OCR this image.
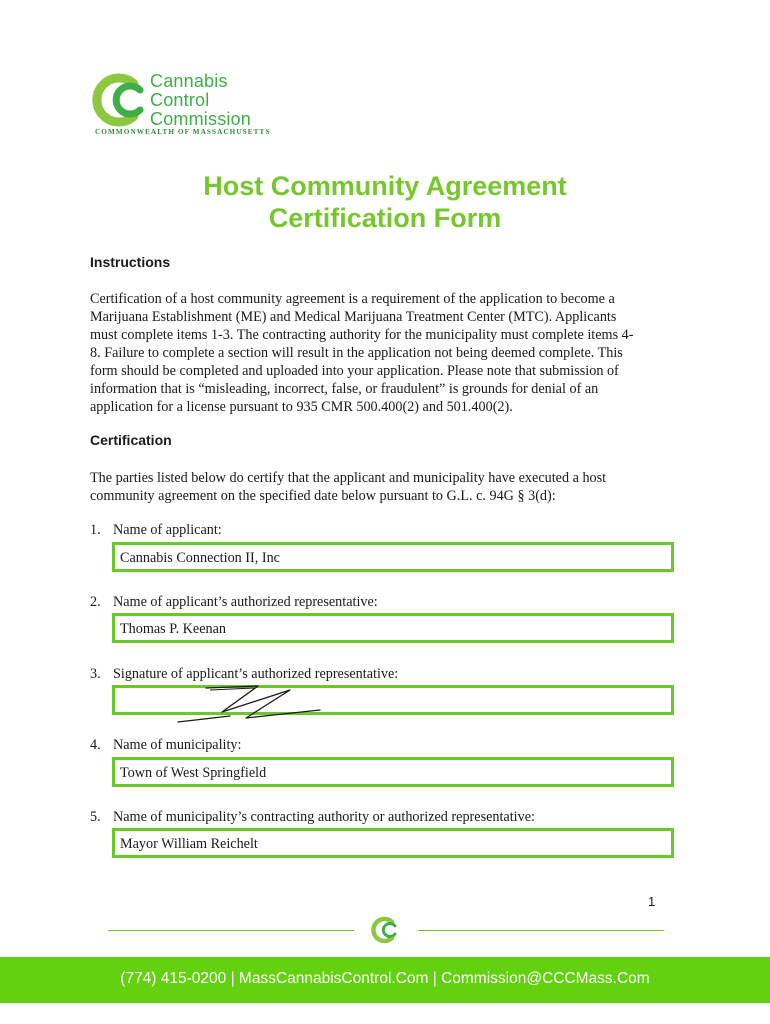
Cannabis
Control
Commission
COMMONWEALTH OF MASSACHUSETTS
Host Community Agreement
Certification Form
Instructions
Certification of a host community agreement is a requirement of the application to become a
Marijuana Establishment (ME) and Medical Marijuana Treatment Center (MTC). Applicants
must complete items 1-3. The contracting authority for the municipality must complete items 4-
8. Failure to complete a section will result in the application not being deemed complete. This
form should be completed and uploaded into your application. Please note that submission of
information that is “misleading, incorrect, false, or fraudulent” is grounds for denial of an
application for a license pursuant to 935 CMR 500.400(2) and 501.400(2).
Certification
The parties listed below do certify that the applicant and municipality have executed a host
community agreement on the specified date below pursuant to G.L. c. 94G § 3(d):
1. Name of applicant:
Cannabis Connection II, Inc
2. Name of applicant’s authorized representative:
Thomas P. Keenan
3. Signature of applicant’s authorized representative:
4. Name of municipality:
Town of West Springfield
5. Name of municipality’s contracting authority or authorized representative:
Mayor William Reichelt
1
(774) 415-0200 | MassCannabisControl.Com | Commission@CCCMass.Com
